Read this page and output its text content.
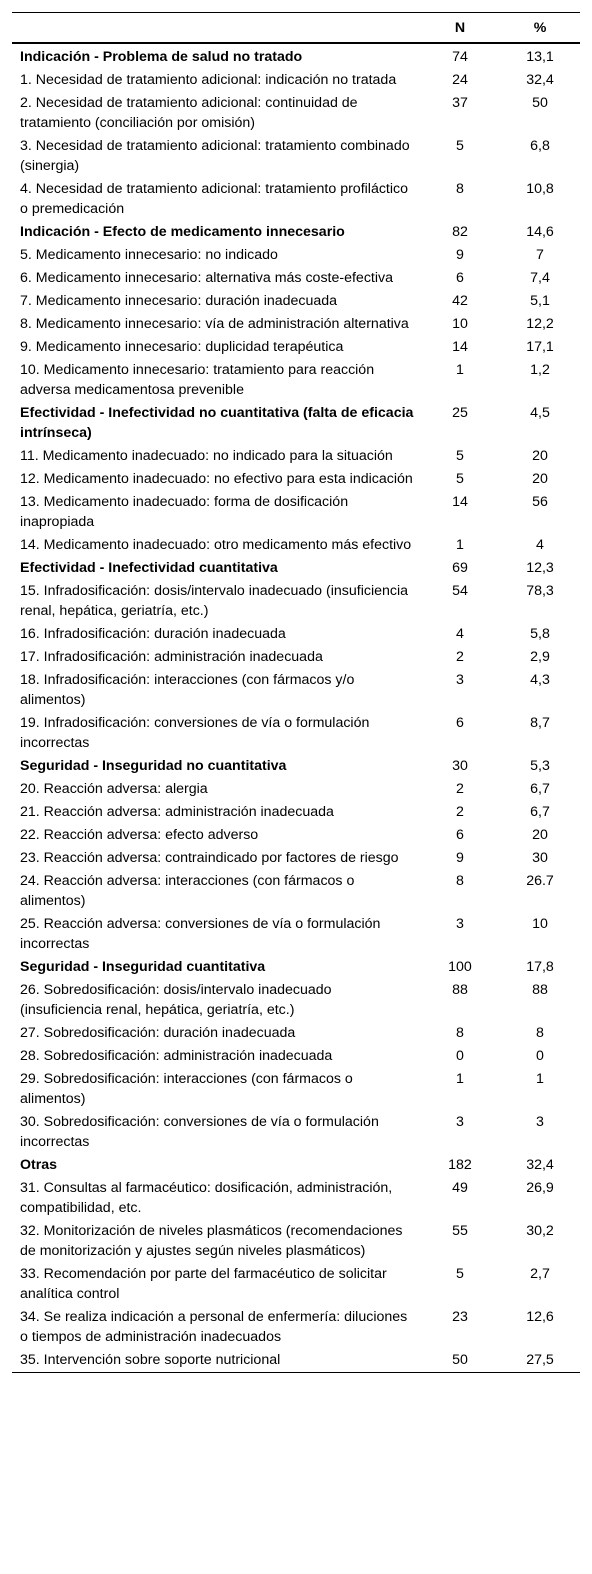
	N	%
Indicación - Problema de salud no tratado	74	13,1
1. Necesidad de tratamiento adicional: indicación no tratada	24	32,4
2. Necesidad de tratamiento adicional: continuidad de tratamiento (conciliación por omisión)	37	50
3. Necesidad de tratamiento adicional: tratamiento combinado (sinergia)	5	6,8
4. Necesidad de tratamiento adicional: tratamiento profiláctico o premedicación	8	10,8
Indicación - Efecto de medicamento innecesario	82	14,6
5. Medicamento innecesario: no indicado	9	7
6. Medicamento innecesario: alternativa más coste-efectiva	6	7,4
7. Medicamento innecesario: duración inadecuada	42	5,1
8. Medicamento innecesario: vía de administración alternativa	10	12,2
9. Medicamento innecesario: duplicidad terapéutica	14	17,1
10. Medicamento innecesario: tratamiento para reacción adversa medicamentosa prevenible	1	1,2
Efectividad - Inefectividad no cuantitativa (falta de eficacia intrínseca)	25	4,5
11. Medicamento inadecuado: no indicado para la situación	5	20
12. Medicamento inadecuado: no efectivo para esta indicación	5	20
13. Medicamento inadecuado: forma de dosificación inapropiada	14	56
14. Medicamento inadecuado: otro medicamento más efectivo	1	4
Efectividad - Inefectividad cuantitativa	69	12,3
15. Infradosificación: dosis/intervalo inadecuado (insuficiencia renal, hepática, geriatría, etc.)	54	78,3
16. Infradosificación: duración inadecuada	4	5,8
17. Infradosificación: administración inadecuada	2	2,9
18. Infradosificación: interacciones (con fármacos y/o alimentos)	3	4,3
19. Infradosificación: conversiones de vía o formulación incorrectas	6	8,7
Seguridad - Inseguridad no cuantitativa	30	5,3
20. Reacción adversa: alergia	2	6,7
21. Reacción adversa: administración inadecuada	2	6,7
22. Reacción adversa: efecto adverso	6	20
23. Reacción adversa: contraindicado por factores de riesgo	9	30
24. Reacción adversa: interacciones (con fármacos o alimentos)	8	26.7
25. Reacción adversa: conversiones de vía o formulación incorrectas	3	10
Seguridad - Inseguridad cuantitativa	100	17,8
26. Sobredosificación: dosis/intervalo inadecuado (insuficiencia renal, hepática, geriatría, etc.)	88	88
27. Sobredosificación: duración inadecuada	8	8
28. Sobredosificación: administración inadecuada	0	0
29. Sobredosificación: interacciones (con fármacos o alimentos)	1	1
30. Sobredosificación: conversiones de vía o formulación incorrectas	3	3
Otras	182	32,4
31. Consultas al farmacéutico: dosificación, administración, compatibilidad, etc.	49	26,9
32. Monitorización de niveles plasmáticos (recomendaciones de monitorización y ajustes según niveles plasmáticos)	55	30,2
33. Recomendación por parte del farmacéutico de solicitar analítica control	5	2,7
34. Se realiza indicación a personal de enfermería: diluciones o tiempos de administración inadecuados	23	12,6
35. Intervención sobre soporte nutricional	50	27,5
